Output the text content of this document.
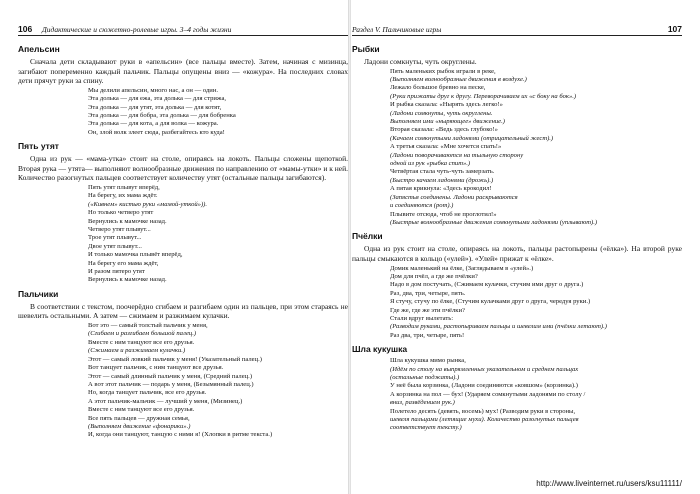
106 Дидактические и сюжетно-ролевые игры. 3–4 годы жизни
Апельсин

Сначала дети складывают руки в «апельсин» (все пальцы вместе). Затем, начиная с мизинца, загибают попеременно каждый пальчик. Пальцы опущены вниз — «кожура». На последних словах дети прячут руки за спину.

Мы делили апельсин, много нас, а он — один.
Эта долька — для ежа, эта долька — для стрижа,
Эта долька — для утят, эта долька — для котят,
Эта долька — для бобра, эта долька — для бобренка
Эта долька — для кота, а для волка — кожура.
Он, злой волк злеет сюда, разбегайтесь кто куда!
Пять утят

Одна из рук — «мама-утка» стоит на столе, опираясь на локоть. Пальцы сложены щепоткой. Вторая рука — утята— выполняют волнообразные движения по направлению от «мамы-утки» и к ней. Количество разогнутых пальцев соответствует количеству утят (остальные пальцы загибаются).

Пять утят плывут вперёд,
На берегу, их мама ждёт.
(«Кивнем» кистью руки «мамой-уткой»)).
Но только четверо утят
Вернулись к мамочке назад.
Четверо утят плывут...
Трое утят плывут...
Двое утят плывут...
И только мамочка плывёт вперёд,
На берегу его мама ждёт,
И разом пятеро утят
Вернулись к мамочке назад.
Пальчики

В соответствии с текстом, поочерёдно сгибаем и разгибаем один из пальцев, при этом стараясь не шевелить остальными. А затем — сжимаем и разжимаем кулачки.

Вот это — самый толстый пальчик у меня,
(Сгибаем и разгибаем большой палец.)
Вместе с ним танцуют все его друзья.
(Сжимаем и разжимаем кулачки.)
Этот — самый ловкий пальчик у меня! (Указательный палец.)
Вот танцует пальчик, с ним танцуют все друзья.
Этот — самый длинный пальчик у меня, (Средний палец.)
А вот этот пальчик — подарь у меня, (Безымянный палец.)
Но, когда танцует пальчик, все его друзья.
А этот пальчик-мальчик — лучший у меня, (Мизинец.)
Вместе с ним танцуют все его друзья.
Все пять пальцев — дружная семья,
(Выполняем движение «фонарики».)
И, когда они танцуют, танцую с ними я! (Хлопки в ритме текста.)
Раздел V. Пальчиковые игры	107
Рыбки

Ладони сомкнуты, чуть округлены.

Пять маленьких рыбок играли в реке,
(Выполняем волнообразные движения в воздухе.)
Лежало большое бревно на песке,
(Руки прижаты друг к другу. Переворачиваем их «с боку на бок».)
И рыбка сказала: «Нырять здесь легко!»
(Ладони сомкнуты, чуть округлены.
Выполняем ими «ныряющее» движение.)
Вторая сказала: «Ведь здесь глубоко!»
(Качаем сомкнутыми ладонями (отрицательный жест).)
А третья сказала: «Мне хочется спать!»
(Ладони поворачиваются на тыльную сторону
одной из рук «рыбка спит».)
Четвёртая стала чуть-чуть замерзать.
(Быстро качаем ладонями (дрожь).)
А пятая крикнула: «Здесь крокодил!
(Запястья соединены. Ладони раскрываются
и соединяются (рот).)
Плывите отсюда, чтоб не проглотил!»
(Быстрые волнообразные движения сомкнутыми ладонями (уплывают).)
Пчёлки

Одна из рук стоит на столе, опираясь на локоть, пальцы растопырены («ёлка»). На второй руке пальцы смыкаются в кольцо («улей»). «Улей» прижат к «ёлке».

Домик маленький на ёлке, (Заглядываем в «улей».)
Дом для пчёл, а где же пчёлки?
Надо в дом постучать, (Сжимаем кулачки, стучим ими друг о друга.)
Раз, два, три, четыре, пять.
Я стучу, стучу по ёлке, (Стучим кулачками друг о друга, чередуя руки.)
Где же, где же эти пчёлки?
Стали вдруг вылетать:
(Разводим руками, растопыриваем пальцы и шевелим ими (пчёлки летают).)
Раз два, три, четыре, пять!
Шла кукушка
Шла кукушка мимо рынка,
(Идём по столу на выпрямленных указательном и среднем пальцах
(остальные поджаты).)
У неё была корзинка, (Ладони соединяются «ковшом» (корзинка).)
А корзинка на пол — бух! (Ударяем сомкнутыми ладонями по столу /
вниз, развёдением рук.)
Полетело десять (девять, восемь) мух! (Разводим руки в стороны,
шевеля пальцами (летящие мухи). Количество разогнутых пальцев
соответствует тексту.)
http://www.liveinternet.ru/users/ksu11111/
